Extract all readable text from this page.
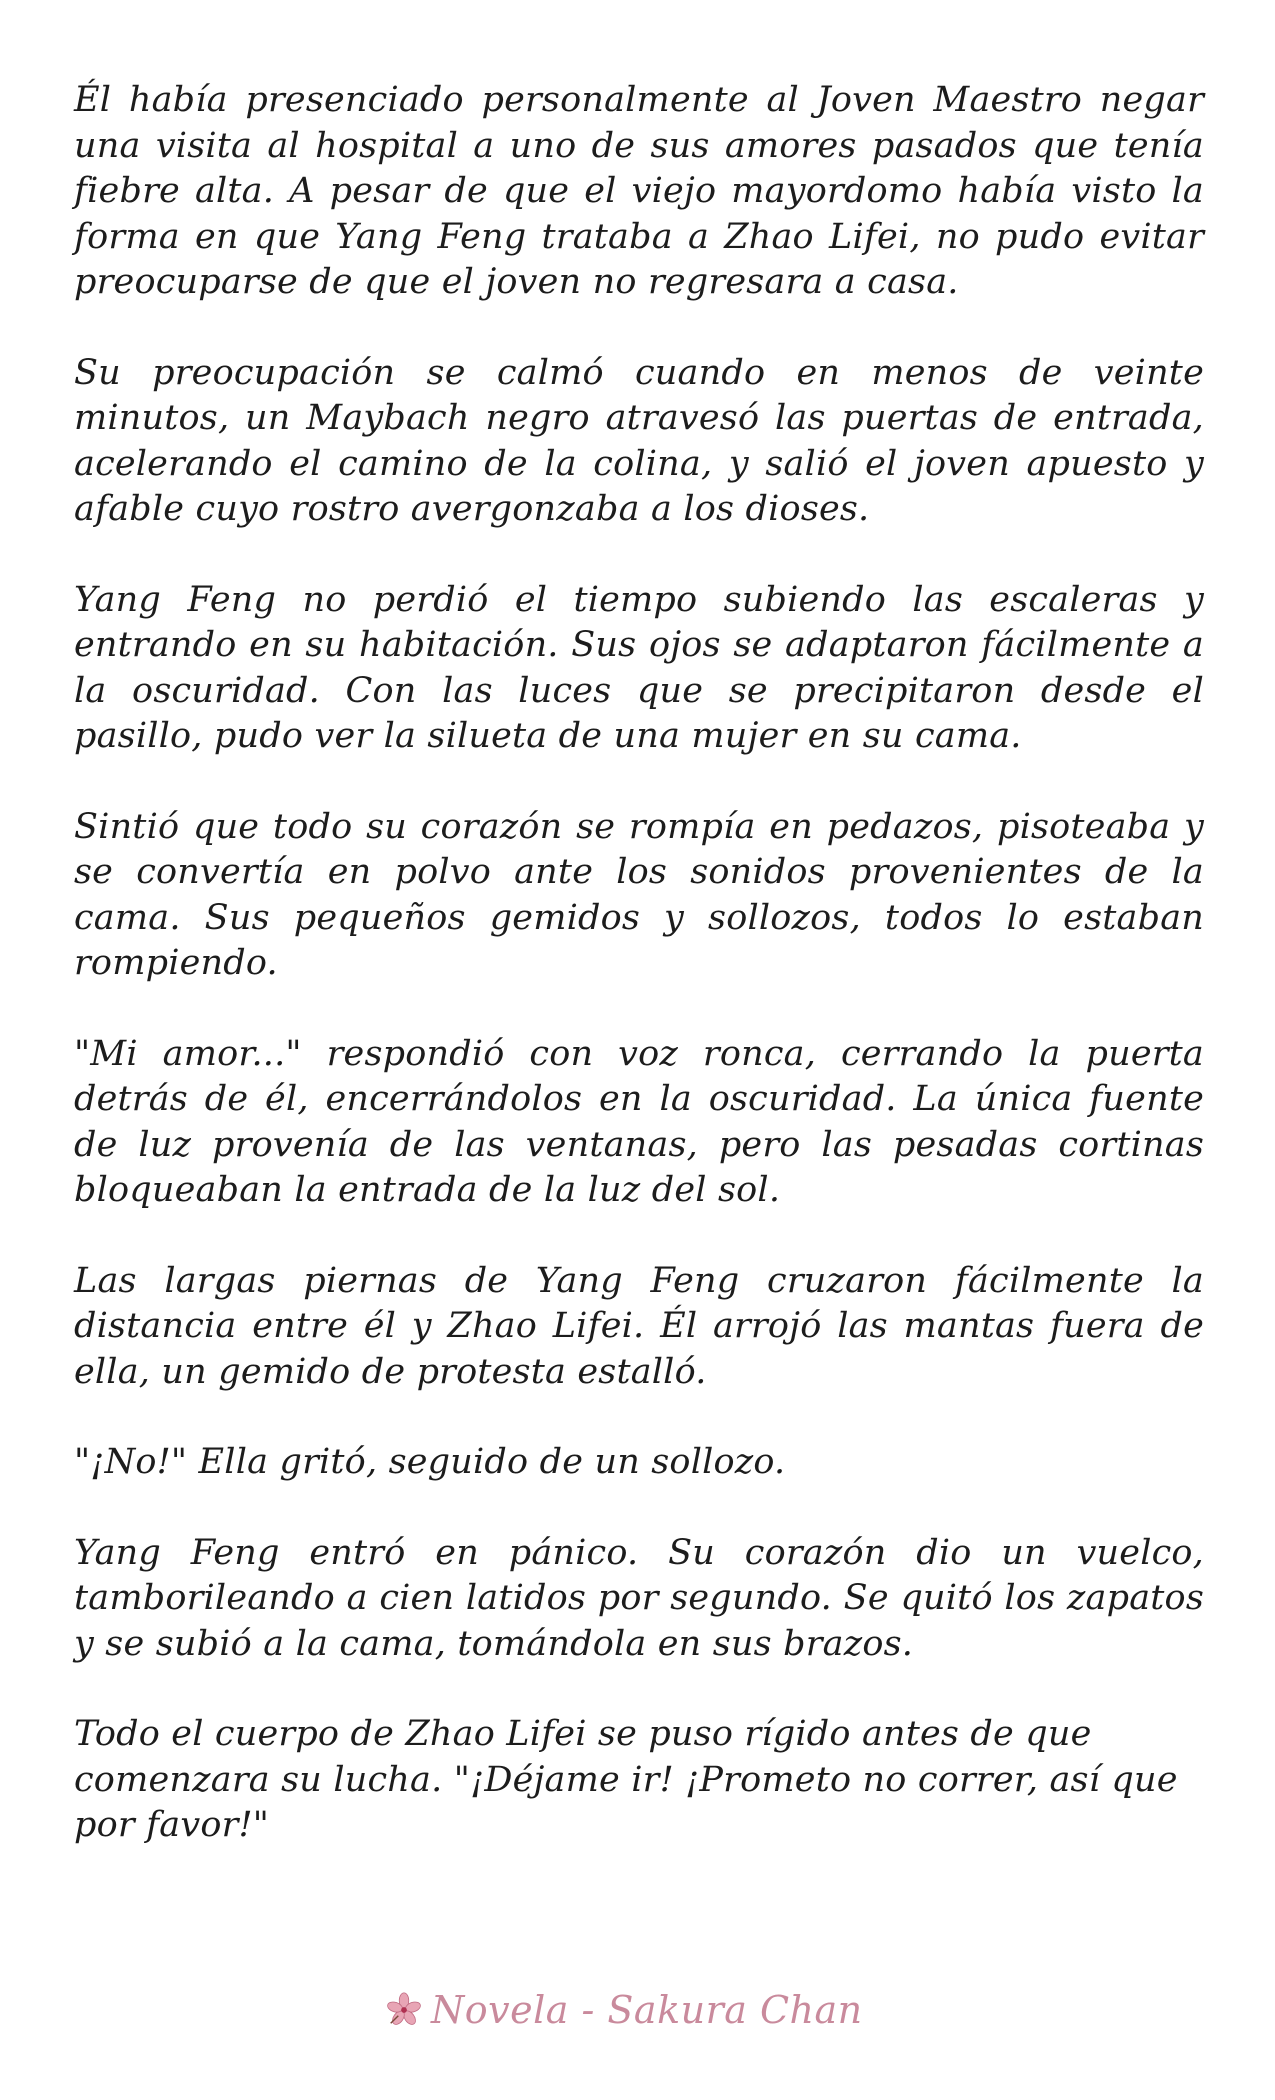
Él había presenciado personalmente al Joven Maestro negar una visita al hospital a uno de sus amores pasados que tenía fiebre alta. A pesar de que el viejo mayordomo había visto la forma en que Yang Feng trataba a Zhao Lifei, no pudo evitar preocuparse de que el joven no regresara a casa.

Su preocupación se calmó cuando en menos de veinte minutos, un Maybach negro atravesó las puertas de entrada, acelerando el camino de la colina, y salió el joven apuesto y afable cuyo rostro avergonzaba a los dioses.

Yang Feng no perdió el tiempo subiendo las escaleras y entrando en su habitación. Sus ojos se adaptaron fácilmente a la oscuridad. Con las luces que se precipitaron desde el pasillo, pudo ver la silueta de una mujer en su cama.

Sintió que todo su corazón se rompía en pedazos, pisoteaba y se convertía en polvo ante los sonidos provenientes de la cama. Sus pequeños gemidos y sollozos, todos lo estaban rompiendo.

"Mi amor..." respondió con voz ronca, cerrando la puerta detrás de él, encerrándolos en la oscuridad. La única fuente de luz provenía de las ventanas, pero las pesadas cortinas bloqueaban la entrada de la luz del sol.

Las largas piernas de Yang Feng cruzaron fácilmente la distancia entre él y Zhao Lifei. Él arrojó las mantas fuera de ella, un gemido de protesta estalló.

"¡No!" Ella gritó, seguido de un sollozo.

Yang Feng entró en pánico. Su corazón dio un vuelco, tamborileando a cien latidos por segundo. Se quitó los zapatos y se subió a la cama, tomándola en sus brazos.

Todo el cuerpo de Zhao Lifei se puso rígido antes de que comenzara su lucha. "¡Déjame ir! ¡Prometo no correr, así que por favor!"

Novela - Sakura Chan
